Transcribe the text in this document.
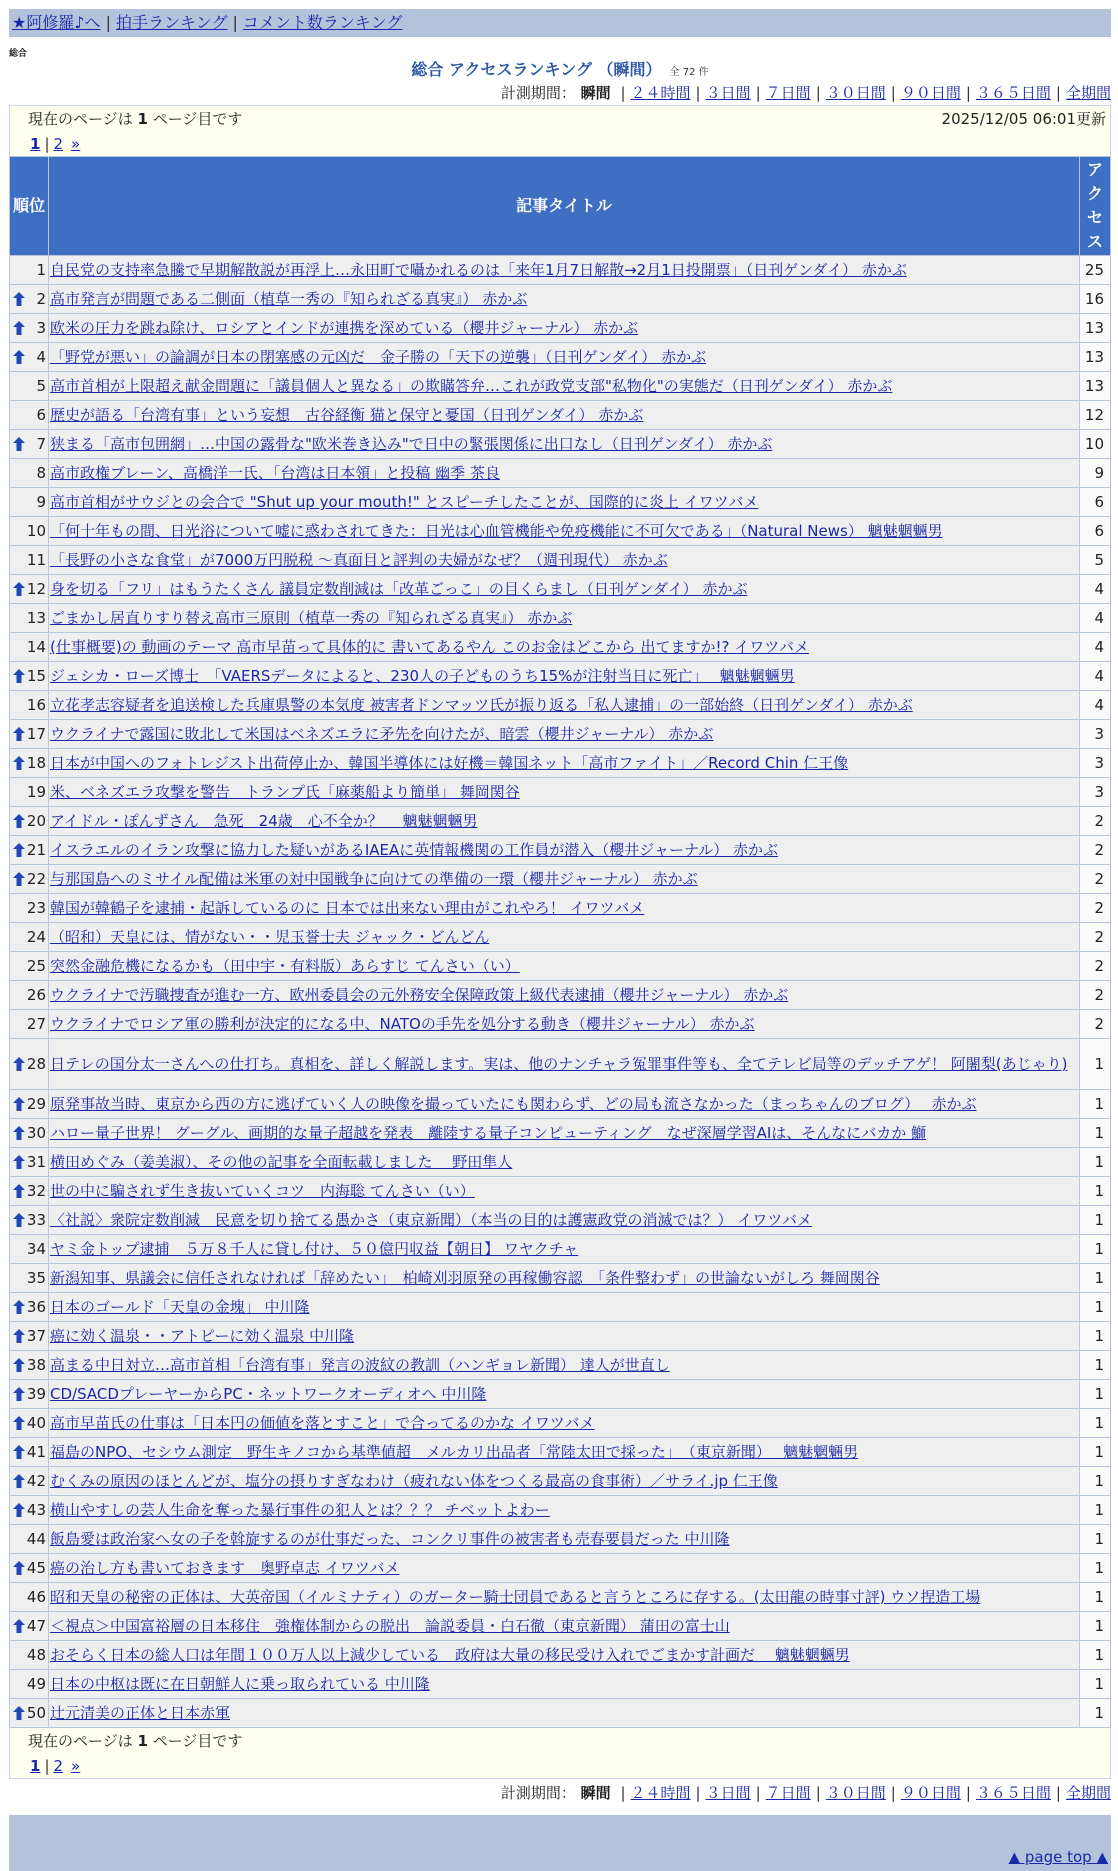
★阿修羅♪へ | 拍手ランキング | コメント数ランキング
総合
総合 アクセスランキング （瞬間） 全 72 件
計測期間： 瞬間 | ２４時間 | ３日間 | ７日間 | ３０日間 | ９０日間 | ３６５日間 | 全期間
現在のページは 1 ページ目です	2025/12/05 06:01更新
1 | 2 »
順位	記事タイトル	アク
セス
1	自民党の支持率急騰で早期解散説が再浮上…永田町で囁かれるのは「来年1月7日解散→2月1日投開票」（日刊ゲンダイ） 赤かぶ	25

2	高市発言が問題である二側面（植草一秀の『知られざる真実』） 赤かぶ	16

3	欧米の圧力を跳ね除け、ロシアとインドが連携を深めている（櫻井ジャーナル） 赤かぶ	13

4	「野党が悪い」の論調が日本の閉塞感の元凶だ　金子勝の「天下の逆襲」（日刊ゲンダイ） 赤かぶ	13
5	高市首相が上限超え献金問題に「議員個人と異なる」の欺瞞答弁…これが政党支部"私物化"の実態だ（日刊ゲンダイ） 赤かぶ	13
6	歴史が語る「台湾有事」という妄想　古谷経衡 猫と保守と憂国（日刊ゲンダイ） 赤かぶ	12

7	狭まる「高市包囲網」…中国の露骨な"欧米巻き込み"で日中の緊張関係に出口なし（日刊ゲンダイ） 赤かぶ	10
8	高市政権ブレーン、高橋洋一氏、「台湾は日本領」と投稿 幽季 茶良	9
9	高市首相がサウジとの会合で "Shut up your mouth!" とスピーチしたことが、国際的に炎上 イワツバメ	6
10	「何十年もの間、日光浴について嘘に惑わされてきた：日光は心血管機能や免疫機能に不可欠である」（Natural News） 魑魅魍魎男	6
11	「長野の小さな食堂」が7000万円脱税 ～真面目と評判の夫婦がなぜ？（週刊現代） 赤かぶ	5

12	身を切る「フリ」はもうたくさん 議員定数削減は「改革ごっこ」の目くらまし（日刊ゲンダイ） 赤かぶ	4
13	ごまかし居直りすり替え高市三原則（植草一秀の『知られざる真実』） 赤かぶ	4
14	(仕事概要)の 動画のテーマ 高市早苗って具体的に 書いてあるやん このお金はどこから 出てますか!? イワツバメ	4

15	ジェシカ・ローズ博士　「VAERSデータによると、230人の子どものうち15%が注射当日に死亡」　 魑魅魍魎男	4
16	立花孝志容疑者を追送検した兵庫県警の本気度 被害者ドンマッツ氏が振り返る「私人逮捕」の一部始終（日刊ゲンダイ） 赤かぶ	4

17	ウクライナで露国に敗北して米国はベネズエラに矛先を向けたが、暗雲（櫻井ジャーナル） 赤かぶ	3

18	日本が中国へのフォトレジスト出荷停止か、韓国半導体には好機＝韓国ネット「高市ファイト」／Record Chin 仁王像	3
19	米、ベネズエラ攻撃を警告　トランプ氏「麻薬船より簡単」 舞岡関谷	3

20	アイドル・ぽんずさん　急死　24歳　心不全か？　 魑魅魍魎男	2

21	イスラエルのイラン攻撃に協力した疑いがあるIAEAに英情報機関の工作員が潜入（櫻井ジャーナル） 赤かぶ	2

22	与那国島へのミサイル配備は米軍の対中国戦争に向けての準備の一環（櫻井ジャーナル） 赤かぶ	2
23	韓国が韓鶴子を逮捕・起訴しているのに 日本では出来ない理由がこれやろ！ イワツバメ	2
24	（昭和）天皇には、情がない・・児玉誉士夫 ジャック・どんどん	2
25	突然金融危機になるかも（田中宇・有料版）あらすじ てんさい（い）	2
26	ウクライナで汚職捜査が進む一方、欧州委員会の元外務安全保障政策上級代表逮捕（櫻井ジャーナル） 赤かぶ	2
27	ウクライナでロシア軍の勝利が決定的になる中、NATOの手先を処分する動き（櫻井ジャーナル） 赤かぶ	2

28	日テレの国分太一さんへの仕打ち。真相を、詳しく解説します。実は、他のナンチャラ冤罪事件等も、全てテレビ局等のデッチアゲ！ 阿闍梨(あじゃり)	1

29	原発事故当時、東京から西の方に逃げていく人の映像を撮っていたにも関わらず、どの局も流さなかった（まっちゃんのブログ）　 赤かぶ	1

30	ハロー量子世界！ グーグル、画期的な量子超越を発表　離陸する量子コンピューティング　なぜ深層学習AIは、そんなにバカか 鰤	1

31	横田めぐみ（姜美淑）、その他の記事を全面転載しました　 野田隼人	1

32	世の中に騙されず生き抜いていくコツ　内海聡 てんさい（い）	1

33	〈社説〉衆院定数削減　民意を切り捨てる愚かさ（東京新聞）（本当の目的は護憲政党の消滅では？） イワツバメ	1
34	ヤミ金トップ逮捕　５万８千人に貸し付け、５０億円収益【朝日】 ワヤクチャ	1
35	新潟知事、県議会に信任されなければ「辞めたい」　柏崎刈羽原発の再稼働容認　「条件整わず」の世論ないがしろ 舞岡関谷	1

36	日本のゴールド「天皇の金塊」 中川隆	1

37	癌に効く温泉・・アトピーに効く温泉 中川隆	1

38	高まる中日対立…高市首相「台湾有事」発言の波紋の教訓（ハンギョレ新聞） 達人が世直し	1

39	CD/SACDプレーヤーからPC・ネットワークオーディオへ 中川隆	1

40	高市早苗氏の仕事は「日本円の価値を落とすこと」で合ってるのかな イワツバメ	1

41	福島のNPO、セシウム測定　野生キノコから基準値超　メルカリ出品者「常陸太田で採った」　（東京新聞）　 魑魅魍魎男	1

42	むくみの原因のほとんどが、塩分の摂りすぎなわけ（疲れない体をつくる最高の食事術）／サライ.jp 仁王像	1

43	横山やすしの芸人生命を奪った暴行事件の犯人とは？？？ チベットよわー	1
44	飯島愛は政治家へ女の子を斡旋するのが仕事だった、コンクリ事件の被害者も売春要員だった 中川隆	1

45	癌の治し方も書いておきます　奥野卓志 イワツバメ	1
46	昭和天皇の秘密の正体は、大英帝国（イルミナティ）のガーター騎士団員であると言うところに存する。(太田龍の時事寸評) ウソ捏造工場	1

47	＜視点＞中国富裕層の日本移住　強権体制からの脱出　論説委員・白石徹（東京新聞） 蒲田の富士山	1
48	おそらく日本の総人口は年間１００万人以上減少している　政府は大量の移民受け入れでごまかす計画だ　 魑魅魍魎男	1
49	日本の中枢は既に在日朝鮮人に乗っ取られている 中川隆	1

50	辻元清美の正体と日本赤軍	1
現在のページは 1 ページ目です
1 | 2 »
計測期間： 瞬間 | ２４時間 | ３日間 | ７日間 | ３０日間 | ９０日間 | ３６５日間 | 全期間
▲ page top ▲
